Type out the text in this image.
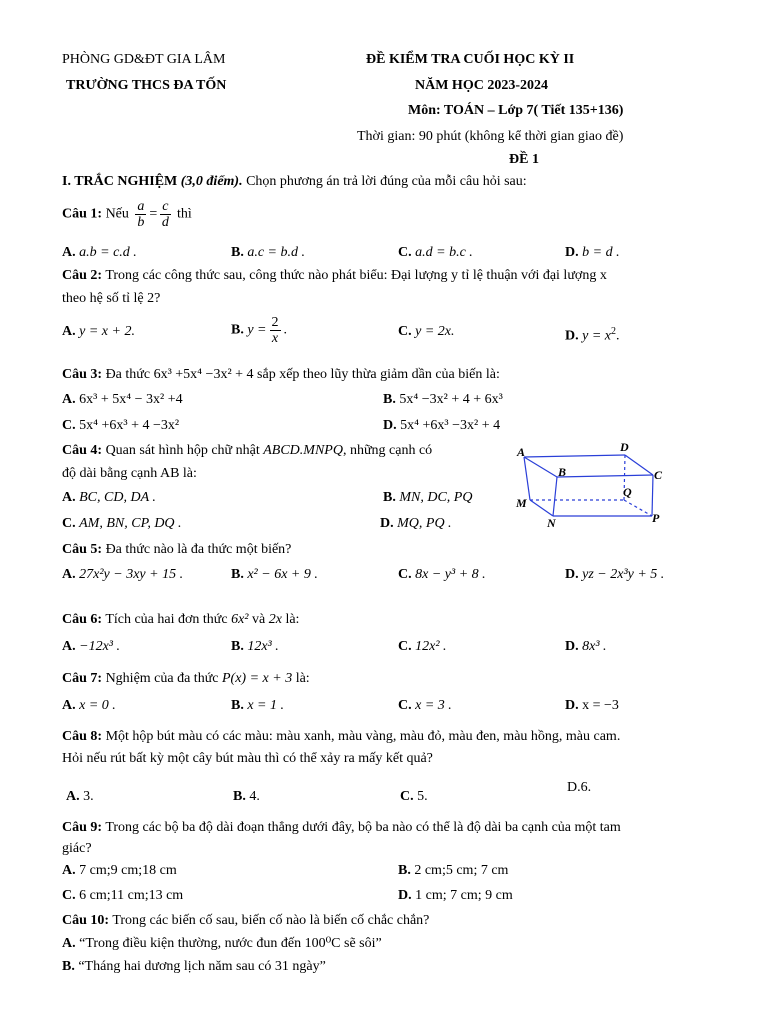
PHÒNG GD&ĐT GIA LÂM
TRƯỜNG THCS ĐA TỐN
ĐỀ KIỂM TRA CUỐI HỌC KỲ II
NĂM HỌC 2023-2024
Môn: TOÁN – Lớp 7( Tiết 135+136)
Thời gian: 90 phút (không kể thời gian giao đề)
ĐỀ 1
I. TRẮC NGHIỆM (3,0 điểm). Chọn phương án trả lời đúng của mỗi câu hỏi sau:
Câu 1: Nếu $\frac{a}{b} = \frac{c}{d}$ thì
A. a.b = c.d .	B. a.c = b.d .	C. a.d = b.c .	D. b = d .
Câu 2: Trong các công thức sau, công thức nào phát biểu: Đại lượng y tỉ lệ thuận với đại lượng x
theo hệ số tỉ lệ 2?
A. y = x + 2.	B. $y = \frac{2}{x}$ .	C. y = 2x.	D. $y = x^2$.
Câu 3: Đa thức 6x³ +5x⁴ −3x² + 4 sắp xếp theo lũy thừa giảm dần của biến là:
A. 6x³ + 5x⁴ − 3x² +4	B. 5x⁴ −3x² + 4 + 6x³
C. 5x⁴ +6x³ + 4 −3x²	D. 5x⁴ +6x³ −3x² + 4
Câu 4: Quan sát hình hộp chữ nhật ABCD.MNPQ, những cạnh có
độ dài bằng cạnh AB là:
A. BC, CD, DA .	B. MN, DC, PQ
C. AM, BN, CP, DQ .	D. MQ, PQ .
A
B	C
D
M
N	P
Q
Câu 5: Đa thức nào là đa thức một biến?
A. 27x²y − 3xy + 15 .	B. x² − 6x + 9 .	C. 8x − y³ + 8 .	D. yz − 2x³y + 5 .
Câu 6: Tích của hai đơn thức 6x² và 2x là:
A. −12x³ .	B. 12x³ .	C. 12x² .	D. 8x³ .
Câu 7: Nghiệm của đa thức P(x) = x + 3 là:
A. x = 0 .	B. x = 1 .	C. x = 3 .	D. x = −3
Câu 8: Một hộp bút màu có các màu: màu xanh, màu vàng, màu đỏ, màu đen, màu hồng, màu cam.
Hỏi nếu rút bất kỳ một cây bút màu thì có thể xảy ra mấy kết quả?
A. 3.	B. 4.	C. 5.
D.6.
Câu 9: Trong các bộ ba độ dài đoạn thẳng dưới đây, bộ ba nào có thể là độ dài ba cạnh của một tam
giác?
A. 7 cm;9 cm;18 cm	B. 2 cm;5 cm; 7 cm
C. 6 cm;11 cm;13 cm	D. 1 cm; 7 cm; 9 cm
Câu 10: Trong các biến cố sau, biến cố nào là biến cố chắc chắn?
A. “Trong điều kiện thường, nước đun đến 100⁰C sẽ sôi”
B. “Tháng hai dương lịch năm sau có 31 ngày”
